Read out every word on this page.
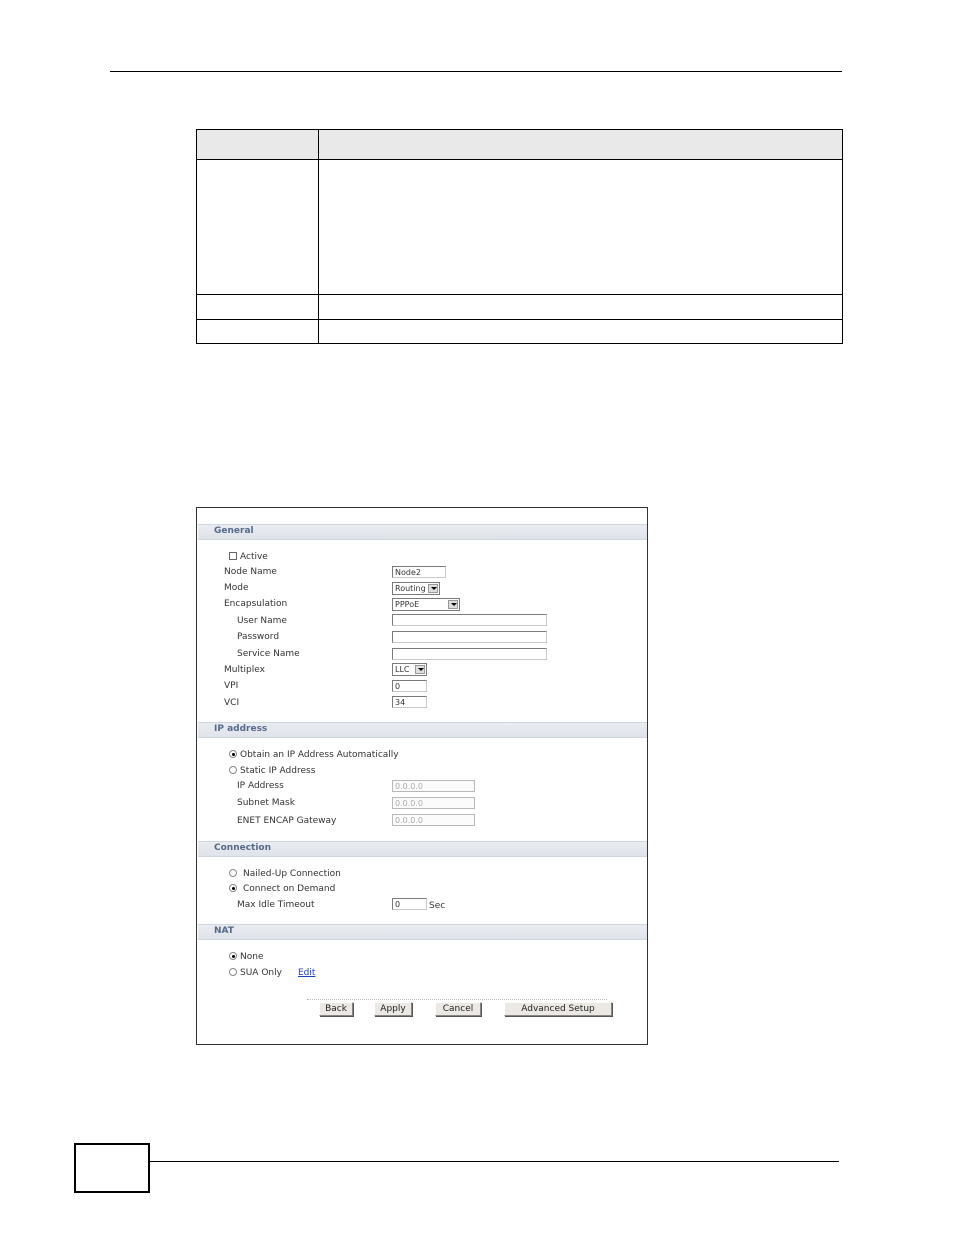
General
Active
Node Name	Node2
Mode	Routing
Encapsulation	PPPoE
User Name
Password
Service Name
Multiplex	LLC
VPI	0
VCI	34
IP address
Obtain an IP Address Automatically
Static IP Address
IP Address	0.0.0.0
Subnet Mask	0.0.0.0
ENET ENCAP Gateway	0.0.0.0
Connection
Nailed-Up Connection
Connect on Demand
Max Idle Timeout	0	Sec
NAT
None
SUA Only Edit
Back	Apply	Cancel	Advanced Setup
